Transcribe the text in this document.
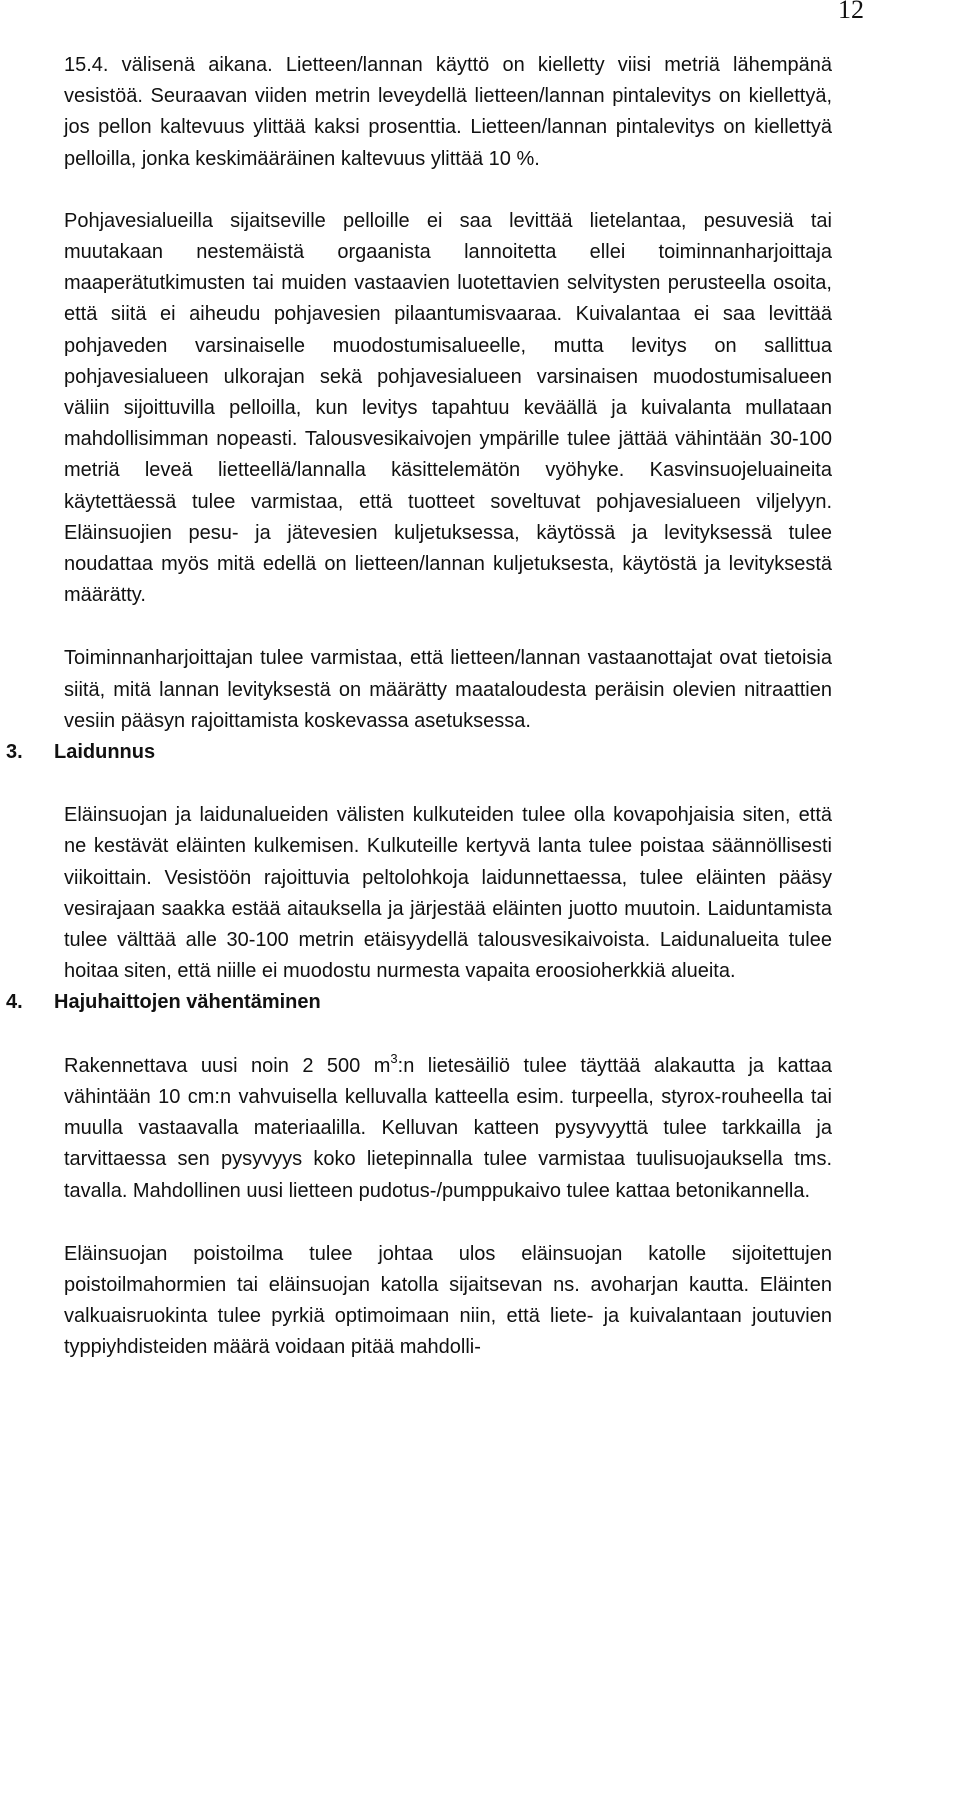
12

15.4. välisenä aikana. Lietteen/lannan käyttö on kielletty viisi metriä lähempänä vesistöä. Seuraavan viiden metrin leveydellä lietteen/lannan pintalevitys on kiellettyä, jos pellon kaltevuus ylittää kaksi prosenttia. Lietteen/lannan pintalevitys on kiellettyä pelloilla, jonka keskimääräinen kaltevuus ylittää 10 %.

Pohjavesialueilla sijaitseville pelloille ei saa levittää lietelantaa, pesuvesiä tai muutakaan nestemäistä orgaanista lannoitetta ellei toiminnanharjoittaja maaperätutkimusten tai muiden vastaavien luotettavien selvitysten perusteella osoita, että siitä ei aiheudu pohjavesien pilaantumisvaaraa. Kuivalantaa ei saa levittää pohjaveden varsinaiselle muodostumisalueelle, mutta levitys on sallittua pohjavesialueen ulkorajan sekä pohjavesialueen varsinaisen muodostumisalueen väliin sijoittuvilla pelloilla, kun levitys tapahtuu keväällä ja kuivalanta mullataan mahdollisimman nopeasti. Talousvesikaivojen ympärille tulee jättää vähintään 30-100 metriä leveä lietteellä/lannalla käsittelemätön vyöhyke. Kasvinsuojeluaineita käytettäessä tulee varmistaa, että tuotteet soveltuvat pohjavesialueen viljelyyn. Eläinsuojien pesu- ja jätevesien kuljetuksessa, käytössä ja levityksessä tulee noudattaa myös mitä edellä on lietteen/lannan kuljetuksesta, käytöstä ja levityksestä määrätty.

Toiminnanharjoittajan tulee varmistaa, että lietteen/lannan vastaanottajat ovat tietoisia siitä, mitä lannan levityksestä on määrätty maataloudesta peräisin olevien nitraattien vesiin pääsyn rajoittamista koskevassa asetuksessa.

3.	Laidunnus

Eläinsuojan ja laidunalueiden välisten kulkuteiden tulee olla kovapohjaisia siten, että ne kestävät eläinten kulkemisen. Kulkuteille kertyvä lanta tulee poistaa säännöllisesti viikoittain. Vesistöön rajoittuvia peltolohkoja laidunnettaessa, tulee eläinten pääsy vesirajaan saakka estää aitauksella ja järjestää eläinten juotto muutoin. Laiduntamista tulee välttää alle 30-100 metrin etäisyydellä talousvesikaivoista. Laidunalueita tulee hoitaa siten, että niille ei muodostu nurmesta vapaita eroosioherkkiä alueita.

4.	Hajuhaittojen vähentäminen

Rakennettava uusi noin 2 500 $m^3:n$ lietesäiliö tulee täyttää alakautta ja kattaa vähintään 10 cm:n vahvuisella kelluvalla katteella esim. turpeella, styrox-rouheella tai muulla vastaavalla materiaalilla. Kelluvan katteen pysyvyyttä tulee tarkkailla ja tarvittaessa sen pysyvyys koko lietepinnalla tulee varmistaa tuulisuojauksella tms. tavalla. Mahdollinen uusi lietteen pudotus-/pumppukaivo tulee kattaa betonikannella.

Eläinsuojan poistoilma tulee johtaa ulos eläinsuojan katolle sijoitettujen poistoilmahormien tai eläinsuojan katolla sijaitsevan ns. avoharjan kautta. Eläinten valkuaisruokinta tulee pyrkiä optimoimaan niin, että liete- ja kuivalantaan joutuvien typpiyhdisteiden määrä voidaan pitää mahdolli-
